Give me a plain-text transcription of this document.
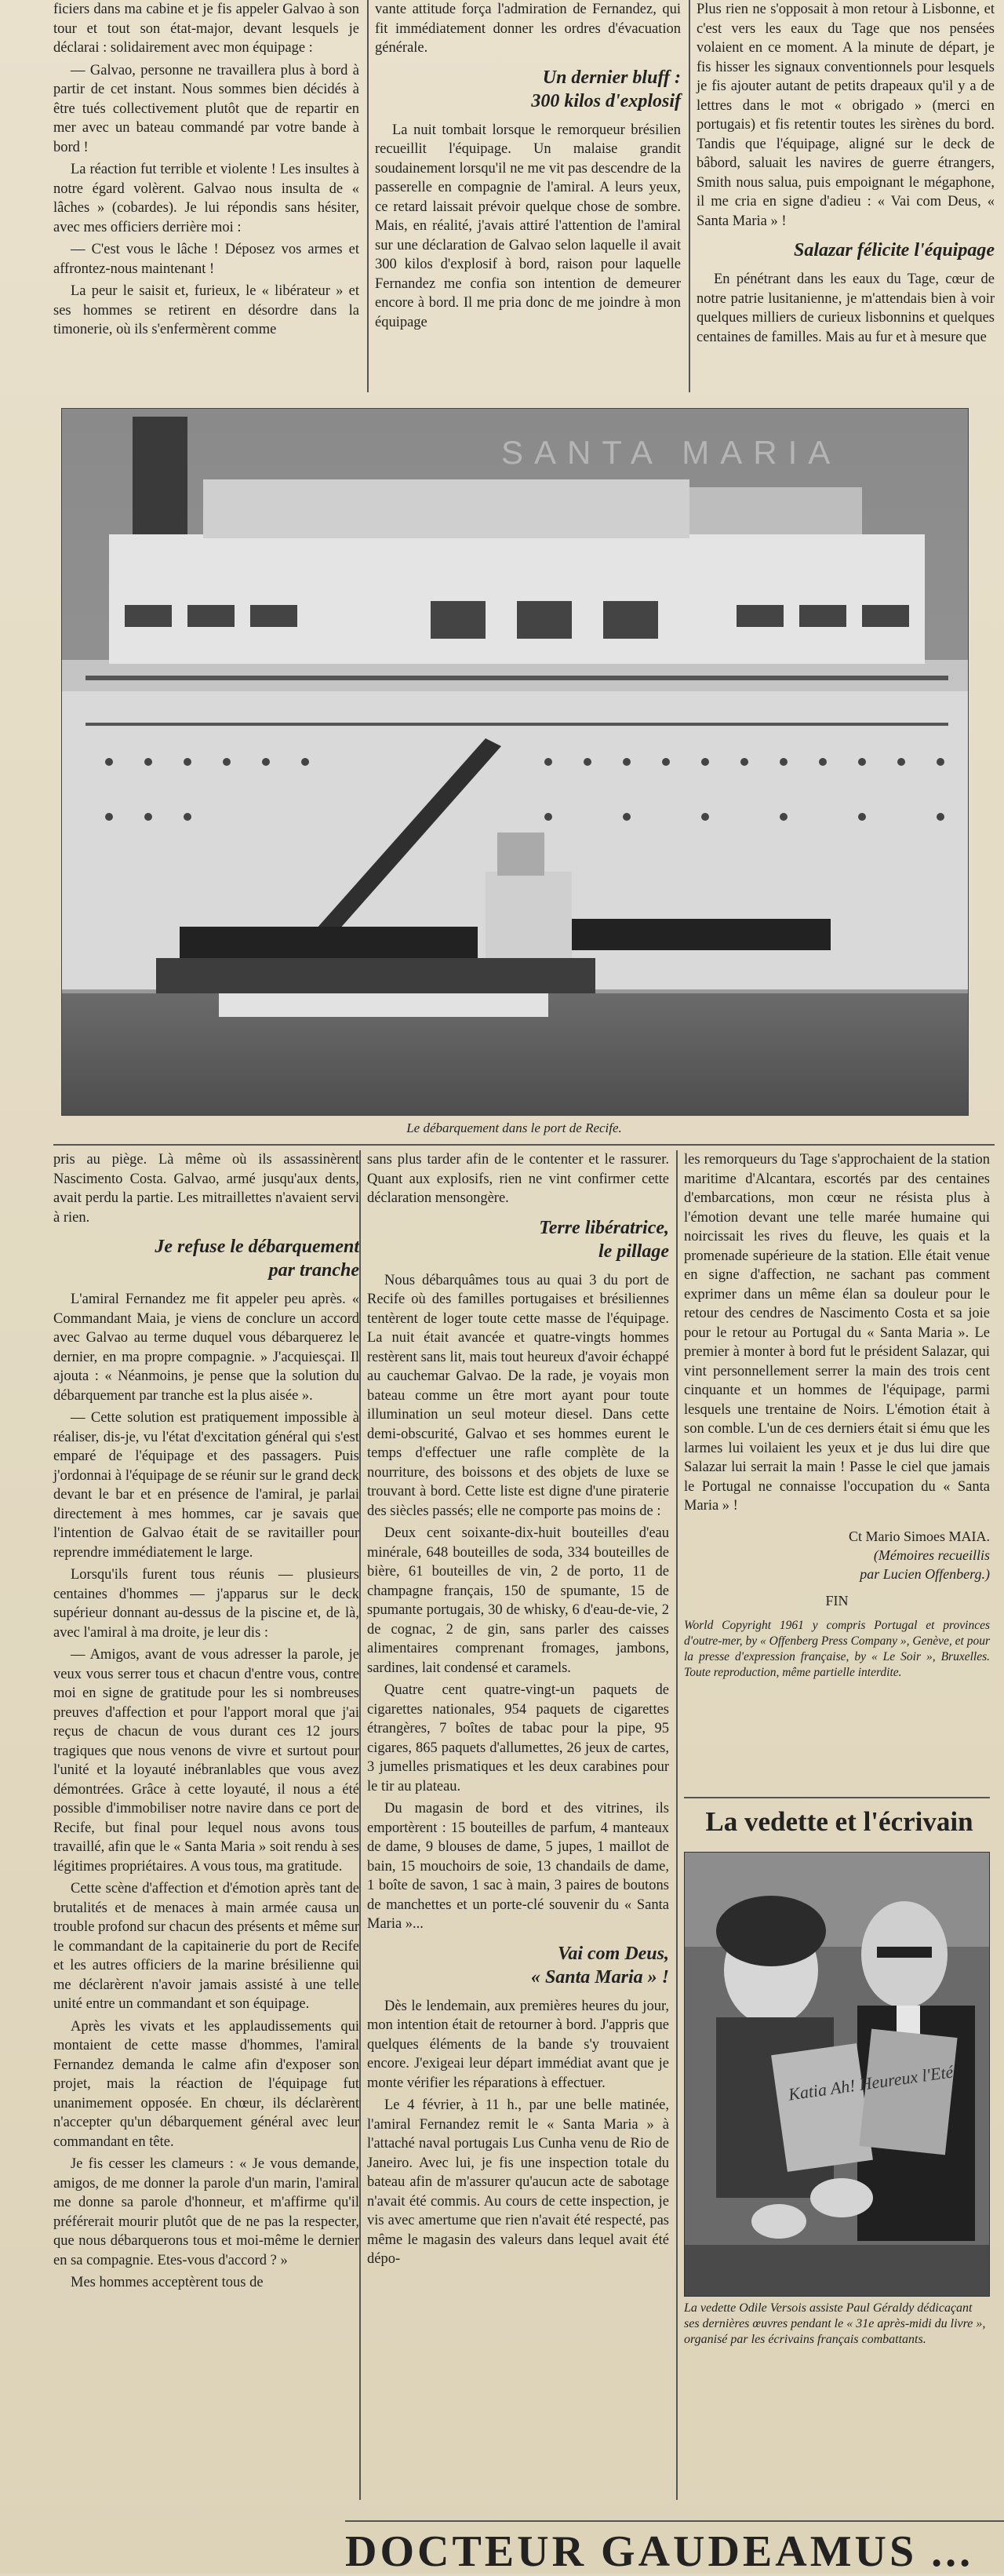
ficiers dans ma cabine et je fis appeler Galvao à son tour et tout son état-major, devant lesquels je déclarai : solidairement avec mon équipage :

— Galvao, personne ne travaillera plus à bord à partir de cet instant. Nous sommes bien décidés à être tués collectivement plutôt que de repartir en mer avec un bateau commandé par votre bande à bord !

La réaction fut terrible et violente ! Les insultes à notre égard volèrent. Galvao nous insulta de « lâches » (cobardes). Je lui répondis sans hésiter, avec mes officiers derrière moi :

— C'est vous le lâche ! Déposez vos armes et affrontez-nous maintenant !

La peur le saisit et, furieux, le « libérateur » et ses hommes se retirent en désordre dans la timonerie, où ils s'enfermèrent comme

vante attitude força l'admiration de Fernandez, qui fit immédiatement donner les ordres d'évacuation générale.

Un dernier bluff :
300 kilos d'explosif

La nuit tombait lorsque le remorqueur brésilien recueillit l'équipage. Un malaise grandit soudainement lorsqu'il ne me vit pas descendre de la passerelle en compagnie de l'amiral. A leurs yeux, ce retard laissait prévoir quelque chose de sombre. Mais, en réalité, j'avais attiré l'attention de l'amiral sur une déclaration de Galvao selon laquelle il avait 300 kilos d'explosif à bord, raison pour laquelle Fernandez me confia son intention de demeurer encore à bord. Il me pria donc de me joindre à mon équipage

Plus rien ne s'opposait à mon retour à Lisbonne, et c'est vers les eaux du Tage que nos pensées volaient en ce moment. A la minute de départ, je fis hisser les signaux conventionnels pour lesquels je fis ajouter autant de petits drapeaux qu'il y a de lettres dans le mot « obrigado » (merci en portugais) et fis retentir toutes les sirènes du bord. Tandis que l'équipage, aligné sur le deck de bâbord, saluait les navires de guerre étrangers, Smith nous salua, puis empoignant le mégaphone, il me cria en signe d'adieu : « Vai com Deus, « Santa Maria » !

Salazar félicite l'équipage

En pénétrant dans les eaux du Tage, cœur de notre patrie lusitanienne, je m'attendais bien à voir quelques milliers de curieux lisbonnins et quelques centaines de familles. Mais au fur et à mesure que

SANTA MARIA
Le débarquement dans le port de Recife.

pris au piège. Là même où ils assassinèrent Nascimento Costa. Galvao, armé jusqu'aux dents, avait perdu la partie. Les mitraillettes n'avaient servi à rien.

Je refuse le débarquement
par tranche

L'amiral Fernandez me fit appeler peu après. « Commandant Maia, je viens de conclure un accord avec Galvao au terme duquel vous débarquerez le dernier, en ma propre compagnie. » J'acquiesçai. Il ajouta : « Néanmoins, je pense que la solution du débarquement par tranche est la plus aisée ».

— Cette solution est pratiquement impossible à réaliser, dis-je, vu l'état d'excitation général qui s'est emparé de l'équipage et des passagers. Puis j'ordonnai à l'équipage de se réunir sur le grand deck devant le bar et en présence de l'amiral, je parlai directement à mes hommes, car je savais que l'intention de Galvao était de se ravitailler pour reprendre immédiatement le large.

Lorsqu'ils furent tous réunis — plusieurs centaines d'hommes — j'apparus sur le deck supérieur donnant au-dessus de la piscine et, de là, avec l'amiral à ma droite, je leur dis :

— Amigos, avant de vous adresser la parole, je veux vous serrer tous et chacun d'entre vous, contre moi en signe de gratitude pour les si nombreuses preuves d'affection et pour l'apport moral que j'ai reçus de chacun de vous durant ces 12 jours tragiques que nous venons de vivre et surtout pour l'unité et la loyauté inébranlables que vous avez démontrées. Grâce à cette loyauté, il nous a été possible d'immobiliser notre navire dans ce port de Recife, but final pour lequel nous avons tous travaillé, afin que le « Santa Maria » soit rendu à ses légitimes propriétaires. A vous tous, ma gratitude.

Cette scène d'affection et d'émotion après tant de brutalités et de menaces à main armée causa un trouble profond sur chacun des présents et même sur le commandant de la capitainerie du port de Recife et les autres officiers de la marine brésilienne qui me déclarèrent n'avoir jamais assisté à une telle unité entre un commandant et son équipage.

Après les vivats et les applaudissements qui montaient de cette masse d'hommes, l'amiral Fernandez demanda le calme afin d'exposer son projet, mais la réaction de l'équipage fut unanimement opposée. En chœur, ils déclarèrent n'accepter qu'un débarquement général avec leur commandant en tête.

Je fis cesser les clameurs : « Je vous demande, amigos, de me donner la parole d'un marin, l'amiral me donne sa parole d'honneur, et m'affirme qu'il préférerait mourir plutôt que de ne pas la respecter, que nous débarquerons tous et moi-même le dernier en sa compagnie. Etes-vous d'accord ? »

Mes hommes acceptèrent tous de

sans plus tarder afin de le contenter et le rassurer. Quant aux explosifs, rien ne vint confirmer cette déclaration mensongère.

Terre libératrice,
le pillage

Nous débarquâmes tous au quai 3 du port de Recife où des familles portugaises et brésiliennes tentèrent de loger toute cette masse de l'équipage. La nuit était avancée et quatre-vingts hommes restèrent sans lit, mais tout heureux d'avoir échappé au cauchemar Galvao. De la rade, je voyais mon bateau comme un être mort ayant pour toute illumination un seul moteur diesel. Dans cette demi-obscurité, Galvao et ses hommes eurent le temps d'effectuer une rafle complète de la nourriture, des boissons et des objets de luxe se trouvant à bord. Cette liste est digne d'une piraterie des siècles passés; elle ne comporte pas moins de :

Deux cent soixante-dix-huit bouteilles d'eau minérale, 648 bouteilles de soda, 334 bouteilles de bière, 61 bouteilles de vin, 2 de porto, 11 de champagne français, 150 de spumante, 15 de spumante portugais, 30 de whisky, 6 d'eau-de-vie, 2 de cognac, 2 de gin, sans parler des caisses alimentaires comprenant fromages, jambons, sardines, lait condensé et caramels.

Quatre cent quatre-vingt-un paquets de cigarettes nationales, 954 paquets de cigarettes étrangères, 7 boîtes de tabac pour la pipe, 95 cigares, 865 paquets d'allumettes, 26 jeux de cartes, 3 jumelles prismatiques et les deux carabines pour le tir au plateau.

Du magasin de bord et des vitrines, ils emportèrent : 15 bouteilles de parfum, 4 manteaux de dame, 9 blouses de dame, 5 jupes, 1 maillot de bain, 15 mouchoirs de soie, 13 chandails de dame, 1 boîte de savon, 1 sac à main, 3 paires de boutons de manchettes et un porte-clé souvenir du « Santa Maria »...

Vai com Deus,
« Santa Maria » !

Dès le lendemain, aux premières heures du jour, mon intention était de retourner à bord. J'appris que quelques éléments de la bande s'y trouvaient encore. J'exigeai leur départ immédiat avant que je monte vérifier les réparations à effectuer.

Le 4 février, à 11 h., par une belle matinée, l'amiral Fernandez remit le « Santa Maria » à l'attaché naval portugais Lus Cunha venu de Rio de Janeiro. Avec lui, je fis une inspection totale du bateau afin de m'assurer qu'aucun acte de sabotage n'avait été commis. Au cours de cette inspection, je vis avec amertume que rien n'avait été respecté, pas même le magasin des valeurs dans lequel avait été dépo-

les remorqueurs du Tage s'approchaient de la station maritime d'Alcantara, escortés par des centaines d'embarcations, mon cœur ne résista plus à l'émotion devant une telle marée humaine qui noircissait les rives du fleuve, les quais et la promenade supérieure de la station. Elle était venue en signe d'affection, ne sachant pas comment exprimer dans un même élan sa douleur pour le retour des cendres de Nascimento Costa et sa joie pour le retour au Portugal du « Santa Maria ». Le premier à monter à bord fut le président Salazar, qui vint personnellement serrer la main des trois cent cinquante et un hommes de l'équipage, parmi lesquels une trentaine de Noirs. L'émotion était à son comble. L'un de ces derniers était si ému que les larmes lui voilaient les yeux et je dus lui dire que Salazar lui serrait la main ! Passe le ciel que jamais le Portugal ne connaisse l'occupation du « Santa Maria » !

Ct Mario Simoes MAIA.
(Mémoires recueillis
par Lucien Offenberg.)
FIN
World Copyright 1961 y compris Portugal et provinces d'outre-mer, by « Offenberg Press Company », Genève, et pour la presse d'expression française, by « Le Soir », Bruxelles. Toute reproduction, même partielle interdite.
La vedette et l'écrivain
Katia Ah! Heureux l'Eté
La vedette Odile Versois assiste Paul Géraldy dédicaçant ses dernières œuvres pendant le « 31e après-midi du livre », organisé par les écrivains français combattants.
DOCTEUR GAUDEAMUS ...
